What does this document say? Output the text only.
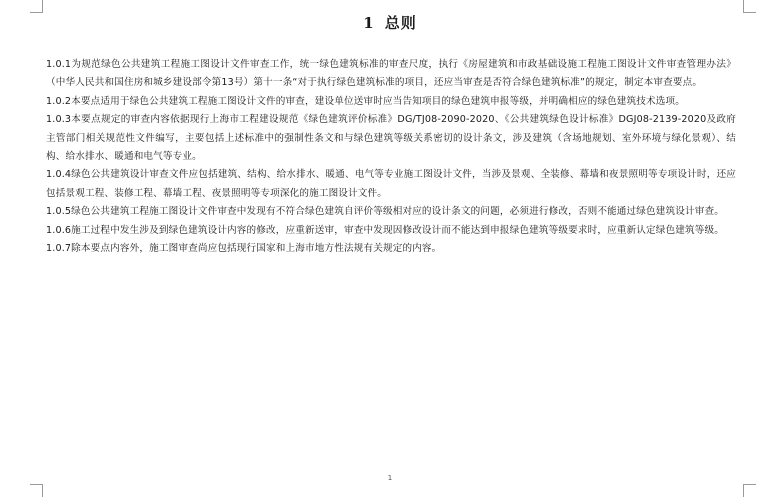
1 总则

1.0.1为规范绿色公共建筑工程施工图设计文件审查工作，统一绿色建筑标准的审查尺度，执行《房屋建筑和市政基础设施工程施工图设计文件审查管理办法》（中华人民共和国住房和城乡建设部令第13号）第十一条“对于执行绿色建筑标准的项目，还应当审查是否符合绿色建筑标准”的规定，制定本审查要点。

1.0.2本要点适用于绿色公共建筑工程施工图设计文件的审查，建设单位送审时应当告知项目的绿色建筑申报等级，并明确相应的绿色建筑技术选项。

1.0.3本要点规定的审查内容依据现行上海市工程建设规范《绿色建筑评价标准》DG/TJ08-2090-2020、《公共建筑绿色设计标准》DGJ08-2139-2020及政府主管部门相关规范性文件编写，主要包括上述标准中的强制性条文和与绿色建筑等级关系密切的设计条文，涉及建筑（含场地规划、室外环境与绿化景观）、结构、给水排水、暖通和电气等专业。

1.0.4绿色公共建筑设计审查文件应包括建筑、结构、给水排水、暖通、电气等专业施工图设计文件，当涉及景观、全装修、幕墙和夜景照明等专项设计时，还应包括景观工程、装修工程、幕墙工程、夜景照明等专项深化的施工图设计文件。

1.0.5绿色公共建筑工程施工图设计文件审查中发现有不符合绿色建筑自评价等级相对应的设计条文的问题，必须进行修改，否则不能通过绿色建筑设计审查。

1.0.6施工过程中发生涉及到绿色建筑设计内容的修改，应重新送审，审查中发现因修改设计而不能达到申报绿色建筑等级要求时，应重新认定绿色建筑等级。

1.0.7除本要点内容外，施工图审查尚应包括现行国家和上海市地方性法规有关规定的内容。

1
